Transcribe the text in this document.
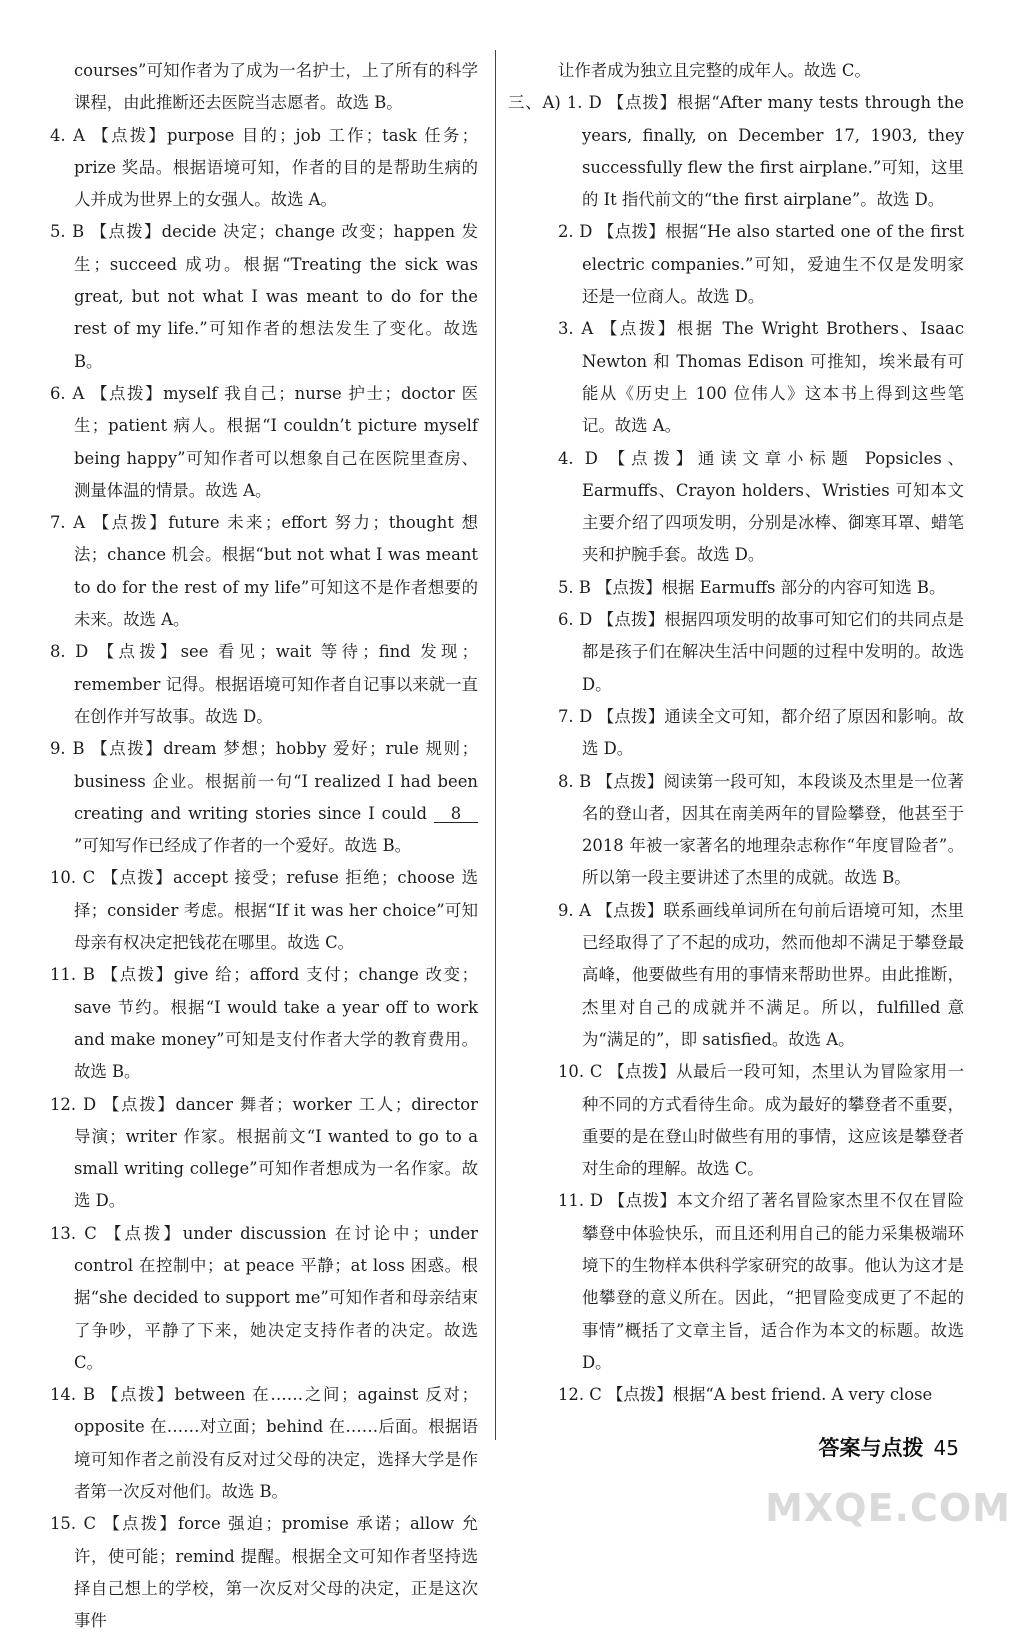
courses”可知作者为了成为一名护士，上了所有的科学课程，由此推断还去医院当志愿者。故选 B。
4. A 【点拨】purpose 目的；job 工作；task 任务；prize 奖品。根据语境可知，作者的目的是帮助生病的人并成为世界上的女强人。故选 A。
5. B 【点拨】decide 决定；change 改变；happen 发生；succeed 成功。根据“Treating the sick was great, but not what I was meant to do for the rest of my life.”可知作者的想法发生了变化。故选 B。
6. A 【点拨】myself 我自己；nurse 护士；doctor 医生；patient 病人。根据“I couldn’t picture myself being happy”可知作者可以想象自己在医院里查房、测量体温的情景。故选 A。
7. A 【点拨】future 未来；effort 努力；thought 想法；chance 机会。根据“but not what I was meant to do for the rest of my life”可知这不是作者想要的未来。故选 A。
8. D 【点拨】see 看见；wait 等待；find 发现；remember 记得。根据语境可知作者自记事以来就一直在创作并写故事。故选 D。
9. B 【点拨】dream 梦想；hobby 爱好；rule 规则；business 企业。根据前一句“I realized I had been creating and writing stories since I could 8”可知写作已经成了作者的一个爱好。故选 B。
10. C 【点拨】accept 接受；refuse 拒绝；choose 选择；consider 考虑。根据“If it was her choice”可知母亲有权决定把钱花在哪里。故选 C。
11. B 【点拨】give 给；afford 支付；change 改变；save 节约。根据“I would take a year off to work and make money”可知是支付作者大学的教育费用。故选 B。
12. D 【点拨】dancer 舞者；worker 工人；director 导演；writer 作家。根据前文“I wanted to go to a small writing college”可知作者想成为一名作家。故选 D。
13. C 【点拨】under discussion 在讨论中；under control 在控制中；at peace 平静；at loss 困惑。根据“she decided to support me”可知作者和母亲结束了争吵，平静了下来，她决定支持作者的决定。故选 C。
14. B 【点拨】between 在……之间；against 反对；opposite 在……对立面；behind 在……后面。根据语境可知作者之前没有反对过父母的决定，选择大学是作者第一次反对他们。故选 B。
15. C 【点拨】force 强迫；promise 承诺；allow 允许，使可能；remind 提醒。根据全文可知作者坚持选择自己想上的学校，第一次反对父母的决定，正是这次事件
让作者成为独立且完整的成年人。故选 C。
三、A) 1. D 【点拨】根据“After many tests through the years, finally, on December 17, 1903, they successfully flew the first airplane.”可知，这里的 It 指代前文的“the first airplane”。故选 D。
2. D 【点拨】根据“He also started one of the first electric companies.”可知，爱迪生不仅是发明家还是一位商人。故选 D。
3. A 【点拨】根据 The Wright Brothers、Isaac Newton 和 Thomas Edison 可推知，埃米最有可能从《历史上 100 位伟人》这本书上得到这些笔记。故选 A。
4. D 【点拨】通读文章小标题 Popsicles、Earmuffs、Crayon holders、Wristies 可知本文主要介绍了四项发明，分别是冰棒、御寒耳罩、蜡笔夹和护腕手套。故选 D。
5. B 【点拨】根据 Earmuffs 部分的内容可知选 B。
6. D 【点拨】根据四项发明的故事可知它们的共同点是都是孩子们在解决生活中问题的过程中发明的。故选 D。
7. D 【点拨】通读全文可知，都介绍了原因和影响。故选 D。
8. B 【点拨】阅读第一段可知，本段谈及杰里是一位著名的登山者，因其在南美两年的冒险攀登，他甚至于 2018 年被一家著名的地理杂志称作“年度冒险者”。所以第一段主要讲述了杰里的成就。故选 B。
9. A 【点拨】联系画线单词所在句前后语境可知，杰里已经取得了了不起的成功，然而他却不满足于攀登最高峰，他要做些有用的事情来帮助世界。由此推断，杰里对自己的成就并不满足。所以，fulfilled 意为“满足的”，即 satisfied。故选 A。
10. C 【点拨】从最后一段可知，杰里认为冒险家用一种不同的方式看待生命。成为最好的攀登者不重要，重要的是在登山时做些有用的事情，这应该是攀登者对生命的理解。故选 C。
11. D 【点拨】本文介绍了著名冒险家杰里不仅在冒险攀登中体验快乐，而且还利用自己的能力采集极端环境下的生物样本供科学家研究的故事。他认为这才是他攀登的意义所在。因此，“把冒险变成更了不起的事情”概括了文章主旨，适合作为本文的标题。故选 D。
12. C 【点拨】根据“A best friend. A very close
答案与点拨 45
MXQE.COM
